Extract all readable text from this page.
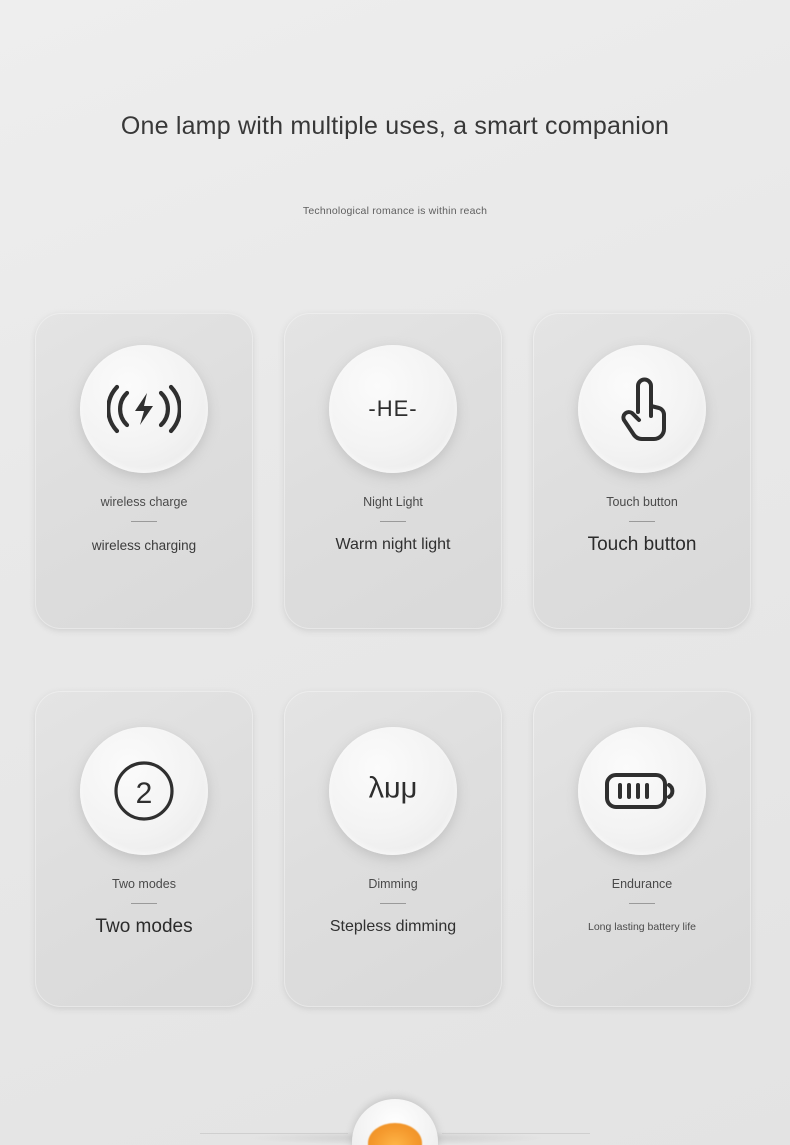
One lamp with multiple uses, a smart companion
Technological romance is within reach
wireless charge
wireless charging
-HE-
Night Light
Warm night light
Touch button
Touch button
2
Two modes
Two modes
ynh
Dimming
Stepless dimming
Endurance
Long lasting battery life
